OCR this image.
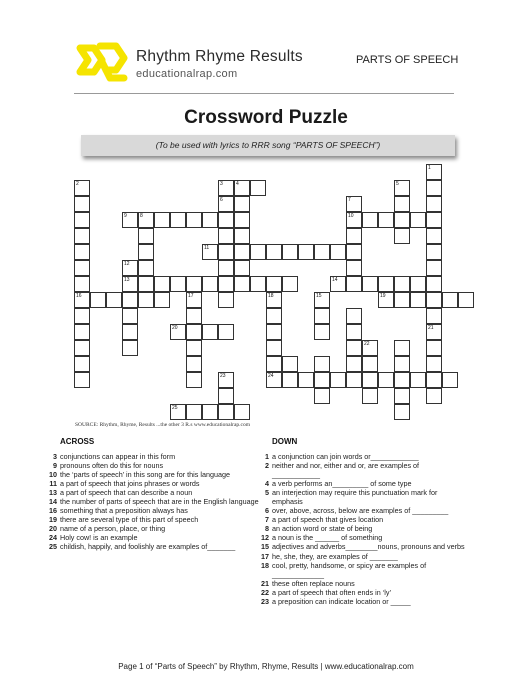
Rhythm Rhyme Results
educationalrap.com
PARTS OF SPEECH
Crossword Puzzle
(To be used with lyrics to RRR song “PARTS OF SPEECH”)
1
2	3	4	5
6	7
8
9	10
11
12
13	14
15
16	17	18	19
20	21
22
23	24
25
SOURCE: Rhythm, Rhyme, Results ...the other 3 R.s www.educationalrap.com
ACROSS	DOWN
3 conjunctions can appear in this form
9 pronouns often do this for nouns
10 the ‘parts of speech’ in this song are for this language
11 a part of speech that joins phrases or words
13 a part of speech that can describe a noun
14 the number of parts of speech that are in the English language
16 something that a preposition always has
19 there are several type of this part of speech
20 name of a person, place, or thing
24 Holy cow! is an example
25 childish, happily, and foolishly are examples of_______
1 a conjunction can join words or____________
2 neither and nor, either and or, are examples of ____________
4 a verb performs an_________ of some type
5 an interjection may require this punctuation mark for emphasis
6 over, above, across, below are examples of _________
7 a part of speech that gives location
8 an action word or state of being
12 a noun is the ______ of something
15 adjectives and adverbs________nouns, pronouns and verbs
17 he, she, they, are examples of _______
18 cool, pretty, handsome, or spicy are examples of _____________
21 these often replace nouns
22 a part of speech that often ends in ‘ly’
23 a preposition can indicate location or _____
Page 1 of “Parts of Speech” by Rhythm, Rhyme, Results | www.educationalrap.com
